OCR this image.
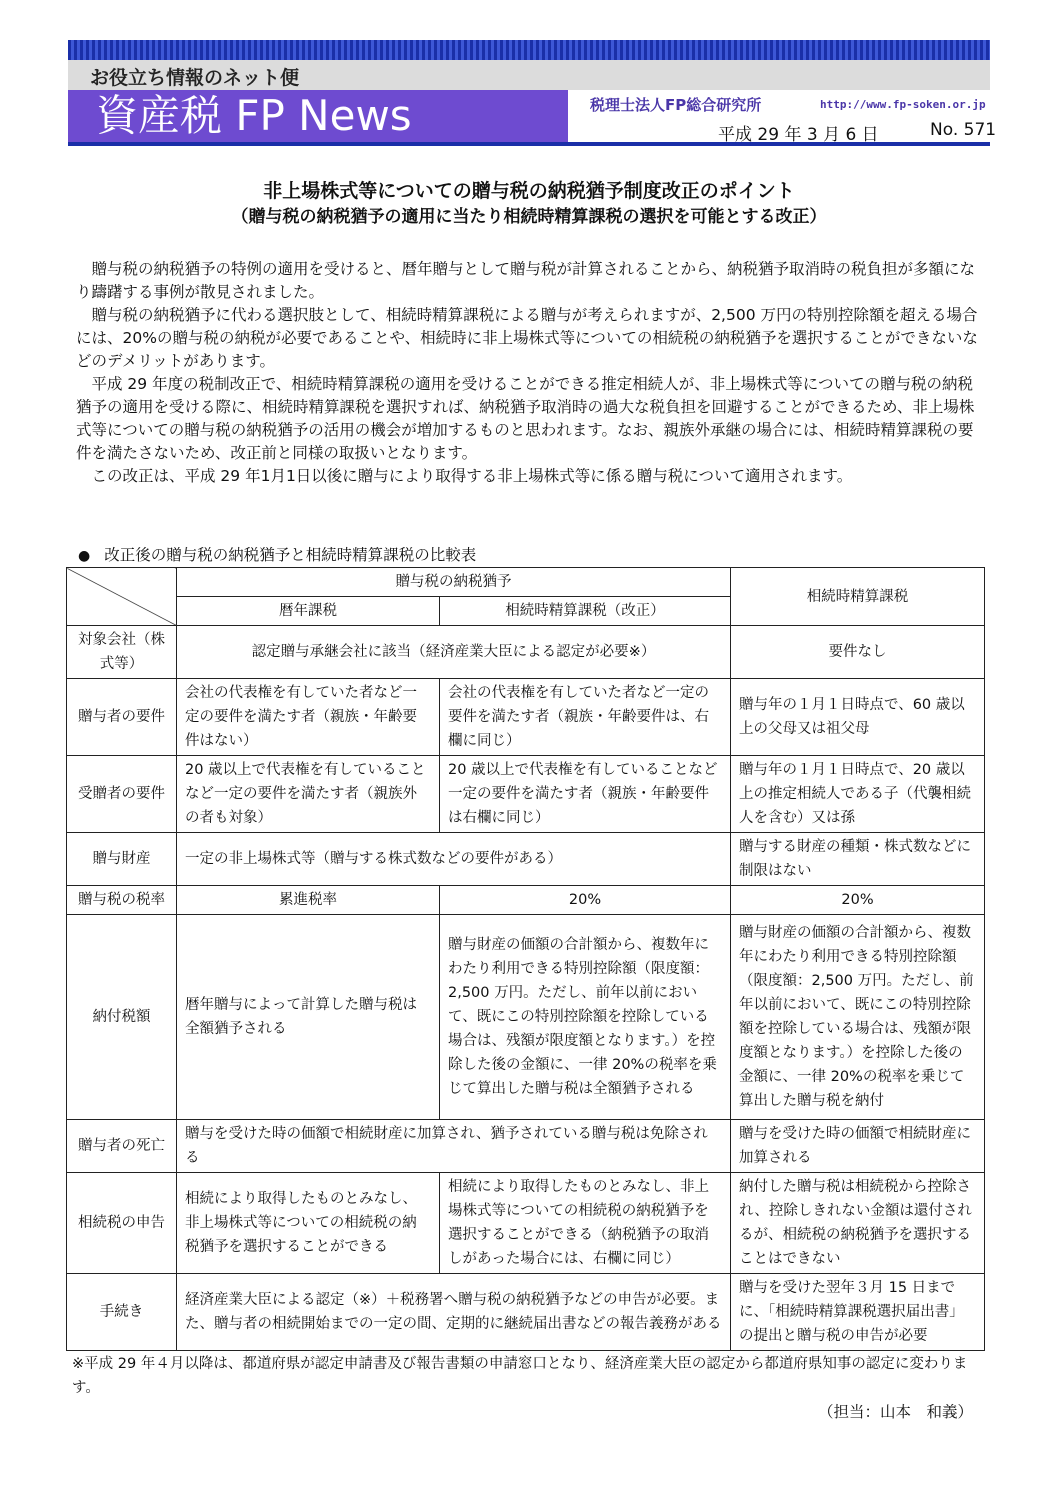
お役立ち情報のネット便
資産税 FP News	税理士法人FP総合研究所	http://www.fp-soken.or.jp
平成 29 年 3 月 6 日	No. 571
非上場株式等についての贈与税の納税猶予制度改正のポイント
（贈与税の納税猶予の適用に当たり相続時精算課税の選択を可能とする改正）

贈与税の納税猶予の特例の適用を受けると、暦年贈与として贈与税が計算されることから、納税猶予取消時の税負担が多額になり躊躇する事例が散見されました。

贈与税の納税猶予に代わる選択肢として、相続時精算課税による贈与が考えられますが、2,500 万円の特別控除額を超える場合には、20%の贈与税の納税が必要であることや、相続時に非上場株式等についての相続税の納税猶予を選択することができないなどのデメリットがあります。

平成 29 年度の税制改正で、相続時精算課税の適用を受けることができる推定相続人が、非上場株式等についての贈与税の納税猶予の適用を受ける際に、相続時精算課税を選択すれば、納税猶予取消時の過大な税負担を回避することができるため、非上場株式等についての贈与税の納税猶予の活用の機会が増加するものと思われます。なお、親族外承継の場合には、相続時精算課税の要件を満たさないため、改正前と同様の取扱いとなります。

この改正は、平成 29 年1月1日以後に贈与により取得する非上場株式等に係る贈与税について適用されます。

● 改正後の贈与税の納税猶予と相続時精算課税の比較表
	贈与税の納税猶予		相続時精算課税
	暦年課税	相続時精算課税（改正）	
対象会社（株式等）	認定贈与承継会社に該当（経済産業大臣による認定が必要※）		要件なし
贈与者の要件	会社の代表権を有していた者など一定の要件を満たす者（親族・年齢要件はない）	会社の代表権を有していた者など一定の要件を満たす者（親族・年齢要件は、右欄に同じ）	贈与年の１月１日時点で、60 歳以上の父母又は祖父母
受贈者の要件	20 歳以上で代表権を有していることなど一定の要件を満たす者（親族外の者も対象）	20 歳以上で代表権を有していることなど一定の要件を満たす者（親族・年齢要件は右欄に同じ）	贈与年の１月１日時点で、20 歳以上の推定相続人である子（代襲相続人を含む）又は孫
贈与財産	一定の非上場株式等（贈与する株式数などの要件がある）		贈与する財産の種類・株式数などに制限はない
贈与税の税率	累進税率	20%	20%
納付税額	暦年贈与によって計算した贈与税は全額猶予される	贈与財産の価額の合計額から、複数年にわたり利用できる特別控除額（限度額：2,500 万円。ただし、前年以前において、既にこの特別控除額を控除している場合は、残額が限度額となります。）を控除した後の金額に、一律 20%の税率を乗じて算出した贈与税は全額猶予される	贈与財産の価額の合計額から、複数年にわたり利用できる特別控除額（限度額：2,500 万円。ただし、前年以前において、既にこの特別控除額を控除している場合は、残額が限度額となります。）を控除した後の金額に、一律 20%の税率を乗じて算出した贈与税を納付
贈与者の死亡	贈与を受けた時の価額で相続財産に加算され、猶予されている贈与税は免除される		贈与を受けた時の価額で相続財産に加算される
相続税の申告	相続により取得したものとみなし、非上場株式等についての相続税の納税猶予を選択することができる	相続により取得したものとみなし、非上場株式等についての相続税の納税猶予を選択することができる（納税猶予の取消しがあった場合には、右欄に同じ）	納付した贈与税は相続税から控除され、控除しきれない金額は還付されるが、相続税の納税猶予を選択することはできない
手続き	経済産業大臣による認定（※）＋税務署へ贈与税の納税猶予などの申告が必要。また、贈与者の相続開始までの一定の間、定期的に継続届出書などの報告義務がある		贈与を受けた翌年３月 15 日までに、「相続時精算課税選択届出書」の提出と贈与税の申告が必要
※平成 29 年４月以降は、都道府県が認定申請書及び報告書類の申請窓口となり、経済産業大臣の認定から都道府県知事の認定に変わります。
（担当：山本　和義）
